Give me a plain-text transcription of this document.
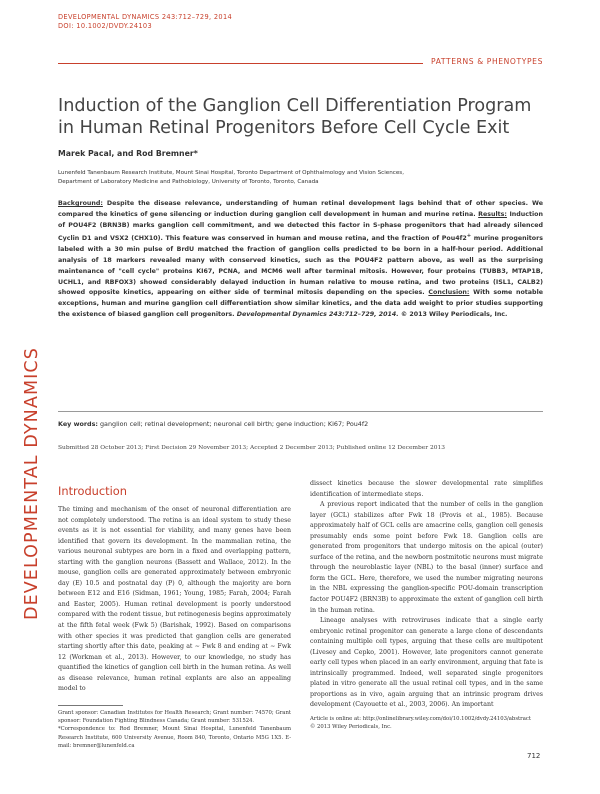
DEVELOPMENTAL DYNAMICS
DEVELOPMENTAL DYNAMICS 243:712–729, 2014
DOI: 10.1002/DVDY.24103
PATTERNS & PHENOTYPES
Induction of the Ganglion Cell Differentiation Program in Human Retinal Progenitors Before Cell Cycle Exit
Marek Pacal, and Rod Bremner*
Lunenfeld Tanenbaum Research Institute, Mount Sinai Hospital, Toronto Department of Ophthalmology and Vision Sciences,
Department of Laboratory Medicine and Pathobiology, University of Toronto, Toronto, Canada
Background: Despite the disease relevance, understanding of human retinal development lags behind that of other species. We compared the kinetics of gene silencing or induction during ganglion cell development in human and murine retina. Results: Induction of POU4F2 (BRN3B) marks ganglion cell commitment, and we detected this factor in S-phase progenitors that had already silenced Cyclin D1 and VSX2 (CHX10). This feature was conserved in human and mouse retina, and the fraction of Pou4f2+ murine progenitors labeled with a 30 min pulse of BrdU matched the fraction of ganglion cells predicted to be born in a half-hour period. Additional analysis of 18 markers revealed many with conserved kinetics, such as the POU4F2 pattern above, as well as the surprising maintenance of "cell cycle" proteins KI67, PCNA, and MCM6 well after terminal mitosis. However, four proteins (TUBB3, MTAP1B, UCHL1, and RBFOX3) showed considerably delayed induction in human relative to mouse retina, and two proteins (ISL1, CALB2) showed opposite kinetics, appearing on either side of terminal mitosis depending on the species. Conclusion: With some notable exceptions, human and murine ganglion cell differentiation show similar kinetics, and the data add weight to prior studies supporting the existence of biased ganglion cell progenitors. Developmental Dynamics 243:712–729, 2014. © 2013 Wiley Periodicals, Inc.
Key words: ganglion cell; retinal development; neuronal cell birth; gene induction; Ki67; Pou4f2
Submitted 28 October 2013; First Decision 29 November 2013; Accepted 2 December 2013; Published online 12 December 2013
Introduction

The timing and mechanism of the onset of neuronal differentiation are not completely understood. The retina is an ideal system to study these events as it is not essential for viability, and many genes have been identified that govern its development. In the mammalian retina, the various neuronal subtypes are born in a fixed and overlapping pattern, starting with the ganglion neurons (Bassett and Wallace, 2012). In the mouse, ganglion cells are generated approximately between embryonic day (E) 10.5 and postnatal day (P) 0, although the majority are born between E12 and E16 (Sidman, 1961; Young, 1985; Farah, 2004; Farah and Easter, 2005). Human retinal development is poorly understood compared with the rodent tissue, but retinogenesis begins approximately at the fifth fetal week (Fwk 5) (Barishak, 1992). Based on comparisons with other species it was predicted that ganglion cells are generated starting shortly after this date, peaking at ∼ Fwk 8 and ending at ∼ Fwk 12 (Workman et al., 2013). However, to our knowledge, no study has quantified the kinetics of ganglion cell birth in the human retina. As well as disease relevance, human retinal explants are also an appealing model to

Grant sponsor: Canadian Institutes for Health Research; Grant number: 74570; Grant sponsor: Foundation Fighting Blindness Canada; Grant number: 531524.
*Correspondence to: Rod Bremner, Mount Sinai Hospital, Lunenfeld Tanenbaum Research Institute, 600 University Avenue, Room 840, Toronto, Ontario M5G 1X5. E-mail: bremner@lunenfeld.ca

dissect kinetics because the slower developmental rate simplifies identification of intermediate steps.

A previous report indicated that the number of cells in the ganglion layer (GCL) stabilizes after Fwk 18 (Provis et al., 1985). Because approximately half of GCL cells are amacrine cells, ganglion cell genesis presumably ends some point before Fwk 18. Ganglion cells are generated from progenitors that undergo mitosis on the apical (outer) surface of the retina, and the newborn postmitotic neurons must migrate through the neuroblastic layer (NBL) to the basal (inner) surface and form the GCL. Here, therefore, we used the number migrating neurons in the NBL expressing the ganglion-specific POU-domain transcription factor POU4F2 (BRN3B) to approximate the extent of ganglion cell birth in the human retina.

Lineage analyses with retroviruses indicate that a single early embryonic retinal progenitor can generate a large clone of descendants containing multiple cell types, arguing that these cells are multipotent (Livesey and Cepko, 2001). However, late progenitors cannot generate early cell types when placed in an early environment, arguing that fate is intrinsically programmed. Indeed, well separated single progenitors plated in vitro generate all the usual retinal cell types, and in the same proportions as in vivo, again arguing that an intrinsic program drives development (Cayouette et al., 2003, 2006). An important

Article is online at: http://onlinelibrary.wiley.com/doi/10.1002/dvdy.24103/abstract
© 2013 Wiley Periodicals, Inc.
712
